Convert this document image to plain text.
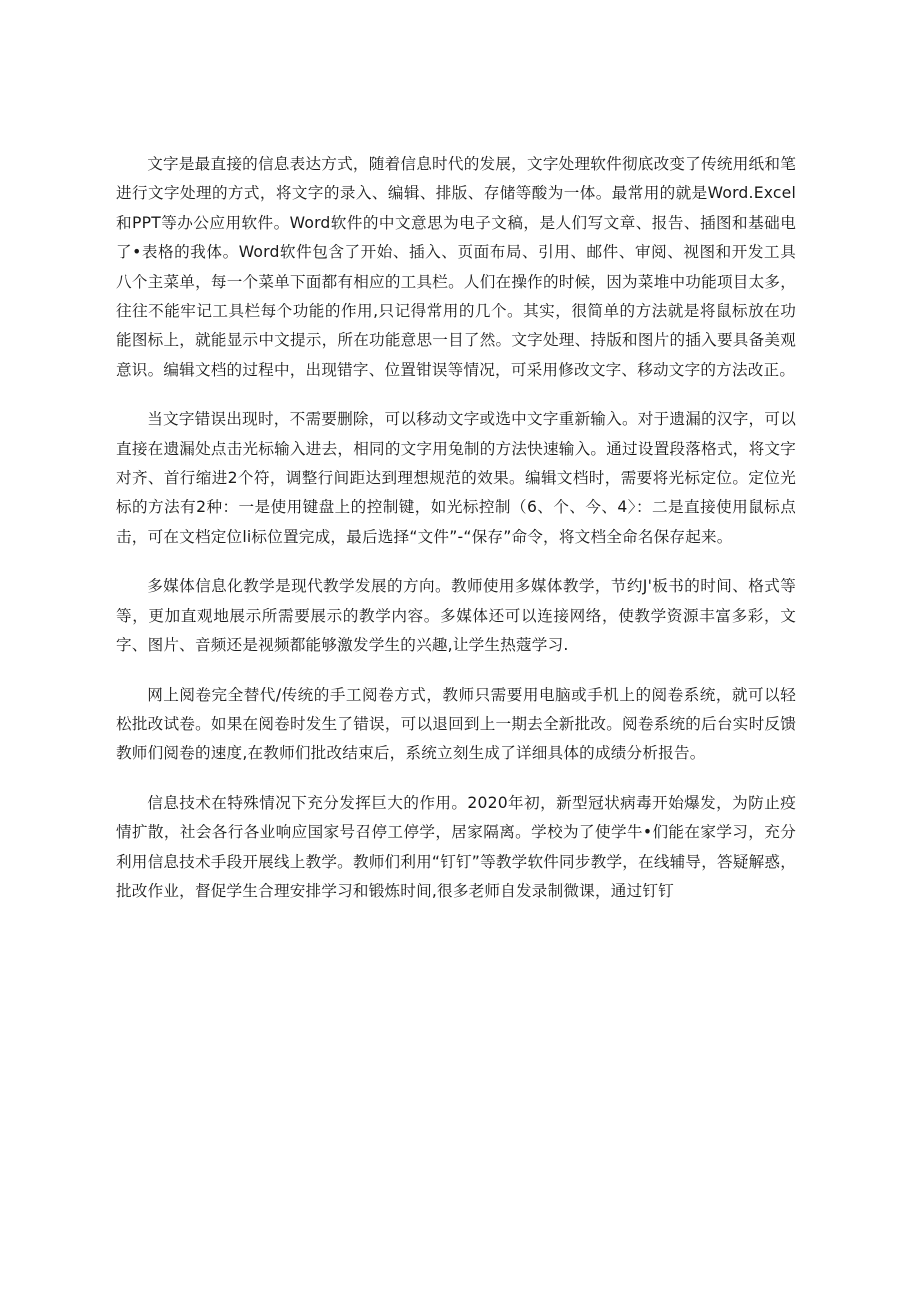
文字是最直接的信息表达方式，随着信息时代的发展，文字处理软件彻底改变了传统用纸和笔进行文字处理的方式，将文字的录入、编辑、排版、存储等酸为一体。最常用的就是Word.Excel和PPT等办公应用软件。Word软件的中文意思为电子文稿，是人们写文章、报告、插图和基础电了•表格的我体。Word软件包含了开始、插入、页面布局、引用、邮件、审阅、视图和开发工具八个主菜单，每一个菜单下面都有相应的工具栏。人们在操作的时候，因为菜堆中功能项目太多，往往不能牢记工具栏每个功能的作用,只记得常用的几个。其实，很简单的方法就是将鼠标放在功能图标上，就能显示中文提示，所在功能意思一目了然。文字处理、持版和图片的插入要具备美观意识。编辑文档的过程中，出现错字、位置钳误等情况，可采用修改文字、移动文字的方法改正。

当文字错误出现时，不需要删除，可以移动文字或选中文字重新输入。对于遗漏的汉字，可以直接在遗漏处点击光标输入进去，相同的文字用兔制的方法快速输入。通过设置段落格式，将文字对齐、首行缩进2个符，调整行间距达到理想规范的效果。编辑文档时，需要将光标定位。定位光标的方法有2种：一是使用键盘上的控制键，如光标控制（6、个、今、4〉：二是直接使用鼠标点击，可在文档定位li标位置完成，最后选择“文件”-“保存”命令，将文档全命名保存起来。

多媒体信息化教学是现代教学发展的方向。教师使用多媒体教学，节约J'板书的时间、格式等等，更加直观地展示所需要展示的教学内容。多媒体还可以连接网络，使教学资源丰富多彩，文字、图片、音频还是视频都能够激发学生的兴趣,让学生热蔻学习.

网上阅卷完全替代/传统的手工阅卷方式，教师只需要用电脑或手机上的阅卷系统，就可以轻松批改试卷。如果在阅卷时发生了错误，可以退回到上一期去全新批改。阅卷系统的后台实时反馈教师们阅卷的速度,在教师们批改结束后，系统立刻生成了详细具体的成绩分析报告。

信息技术在特殊情况下充分发挥巨大的作用。2020年初，新型冠状病毒开始爆发，为防止疫情扩散，社会各行各业响应国家号召停工停学，居家隔离。学校为了使学牛•们能在家学习，充分利用信息技术手段开展线上教学。教师们利用“钉钉”等教学软件同步教学，在线辅导，答疑解惑，批改作业，督促学生合理安排学习和锻炼时间,很多老师自发录制微课，通过钉钉
